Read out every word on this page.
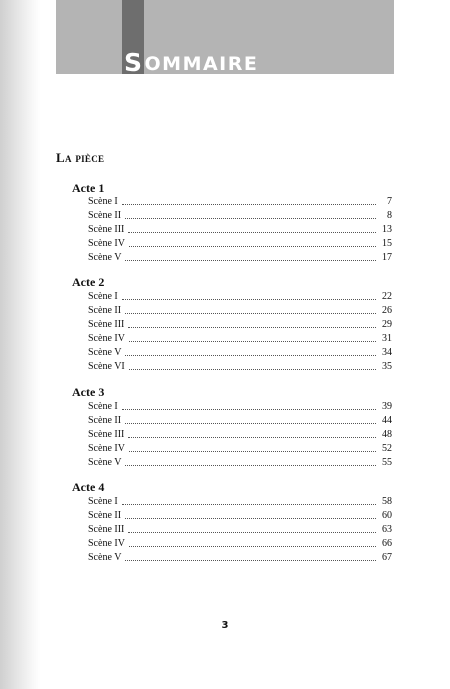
S OMMAIRE
La pièce
Acte 1
Scène I	7
Scène II	8
Scène III	13
Scène IV	15
Scène V	17
Acte 2
Scène I	22
Scène II	26
Scène III	29
Scène IV	31
Scène V	34
Scène VI	35
Acte 3
Scène I	39
Scène II	44
Scène III	48
Scène IV	52
Scène V	55
Acte 4
Scène I	58
Scène II	60
Scène III	63
Scène IV	66
Scène V	67
3
